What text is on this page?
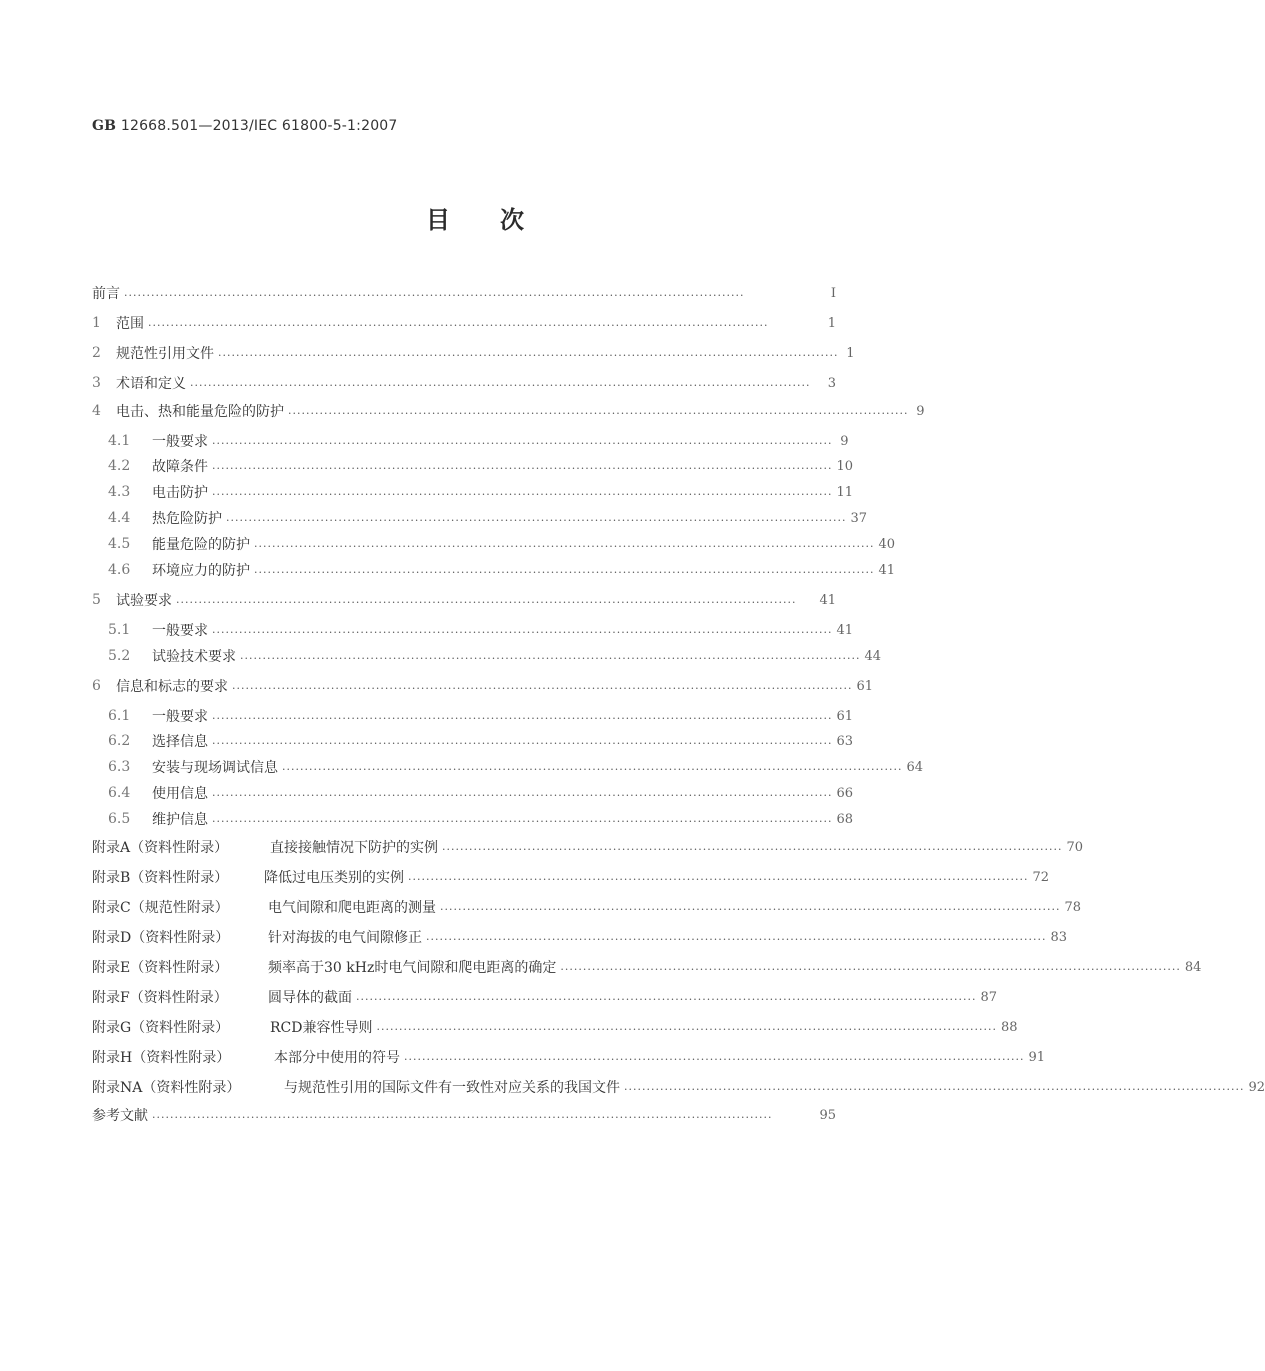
GB 12668.501—2013/IEC 61800-5-1:2007
目次
前言 ··········································································································································	I
1	范围 ··········································································································································	1
2	规范性引用文件 ·········································································································································· 1
3	术语和定义 ··········································································································································	3
4	电击、热和能量危险的防护 ·········································································································································· 9
4.1	一般要求 ·········································································································································· 9
4.2	故障条件 ·········································································································································· 10
4.3	电击防护 ·········································································································································· 11
4.4	热危险防护 ·········································································································································· 37
4.5	能量危险的防护 ·········································································································································· 40
4.6	环境应力的防护 ·········································································································································· 41
5	试验要求 ··········································································································································	41
5.1	一般要求 ·········································································································································· 41
5.2	试验技术要求 ·········································································································································· 44
6	信息和标志的要求 ·········································································································································· 61
6.1	一般要求 ·········································································································································· 61
6.2	选择信息 ·········································································································································· 63
6.3	安装与现场调试信息 ·········································································································································· 64
6.4	使用信息 ·········································································································································· 66
6.5	维护信息 ·········································································································································· 68
附录A（资料性附录）	直接接触情况下防护的实例 ·········································································································································· 70
附录B（资料性附录）	降低过电压类别的实例 ·········································································································································· 72
附录C（规范性附录）	电气间隙和爬电距离的测量 ·········································································································································· 78
附录D（资料性附录）	针对海拔的电气间隙修正 ·········································································································································· 83
附录E（资料性附录）	频率高于30 kHz时电气间隙和爬电距离的确定 ·········································································································································· 84
附录F（资料性附录）	圆导体的截面 ·········································································································································· 87
附录G（资料性附录）	RCD兼容性导则 ·········································································································································· 88
附录H（资料性附录）	本部分中使用的符号 ·········································································································································· 91
附录NA（资料性附录）	与规范性引用的国际文件有一致性对应关系的我国文件 ·········································································································································· 92
参考文献 ··········································································································································	95
